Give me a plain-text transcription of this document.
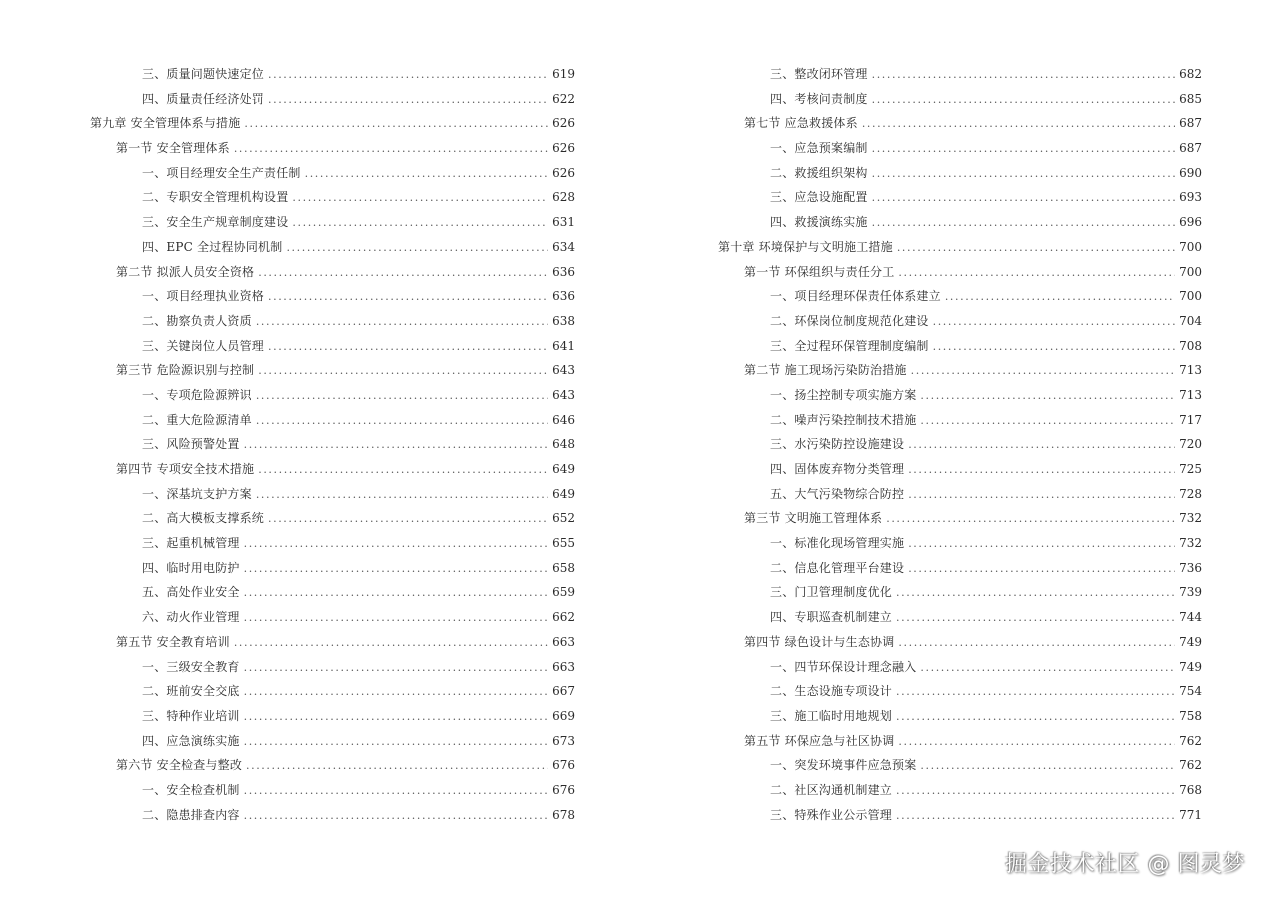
三、质量问题快速定位 .....	619
四、质量责任经济处罚 .....	622
第九章 安全管理体系与措施 .....	626
第一节 安全管理体系 .....	626
一、项目经理安全生产责任制 .....	626
二、专职安全管理机构设置 .....	628
三、安全生产规章制度建设 .....	631
四、EPC 全过程协同机制 .....	634
第二节 拟派人员安全资格 .....	636
一、项目经理执业资格 .....	636
二、勘察负责人资质 .....	638
三、关键岗位人员管理 .....	641
第三节 危险源识别与控制 .....	643
一、专项危险源辨识 .....	643
二、重大危险源清单 .....	646
三、风险预警处置 .....	648
第四节 专项安全技术措施 .....	649
一、深基坑支护方案 .....	649
二、高大模板支撑系统 .....	652
三、起重机械管理 .....	655
四、临时用电防护 .....	658
五、高处作业安全 .....	659
六、动火作业管理 .....	662
第五节 安全教育培训 .....	663
一、三级安全教育 .....	663
二、班前安全交底 .....	667
三、特种作业培训 .....	669
四、应急演练实施 .....	673
第六节 安全检查与整改 .....	676
一、安全检查机制 .....	676
二、隐患排查内容 .....	678
三、整改闭环管理 .....	682
四、考核问责制度 .....	685
第七节 应急救援体系 .....	687
一、应急预案编制 .....	687
二、救援组织架构 .....	690
三、应急设施配置 .....	693
四、救援演练实施 .....	696
第十章 环境保护与文明施工措施 .....	700
第一节 环保组织与责任分工 .....	700
一、项目经理环保责任体系建立 .....	700
二、环保岗位制度规范化建设 .....	704
三、全过程环保管理制度编制 .....	708
第二节 施工现场污染防治措施 .....	713
一、扬尘控制专项实施方案 .....	713
二、噪声污染控制技术措施 .....	717
三、水污染防控设施建设 .....	720
四、固体废弃物分类管理 .....	725
五、大气污染物综合防控 .....	728
第三节 文明施工管理体系 .....	732
一、标准化现场管理实施 .....	732
二、信息化管理平台建设 .....	736
三、门卫管理制度优化 .....	739
四、专职巡查机制建立 .....	744
第四节 绿色设计与生态协调 .....	749
一、四节环保设计理念融入 .....	749
二、生态设施专项设计 .....	754
三、施工临时用地规划 .....	758
第五节 环保应急与社区协调 .....	762
一、突发环境事件应急预案 .....	762
二、社区沟通机制建立 .....	768
三、特殊作业公示管理 .....	771
掘金技术社区 @ 图灵梦
